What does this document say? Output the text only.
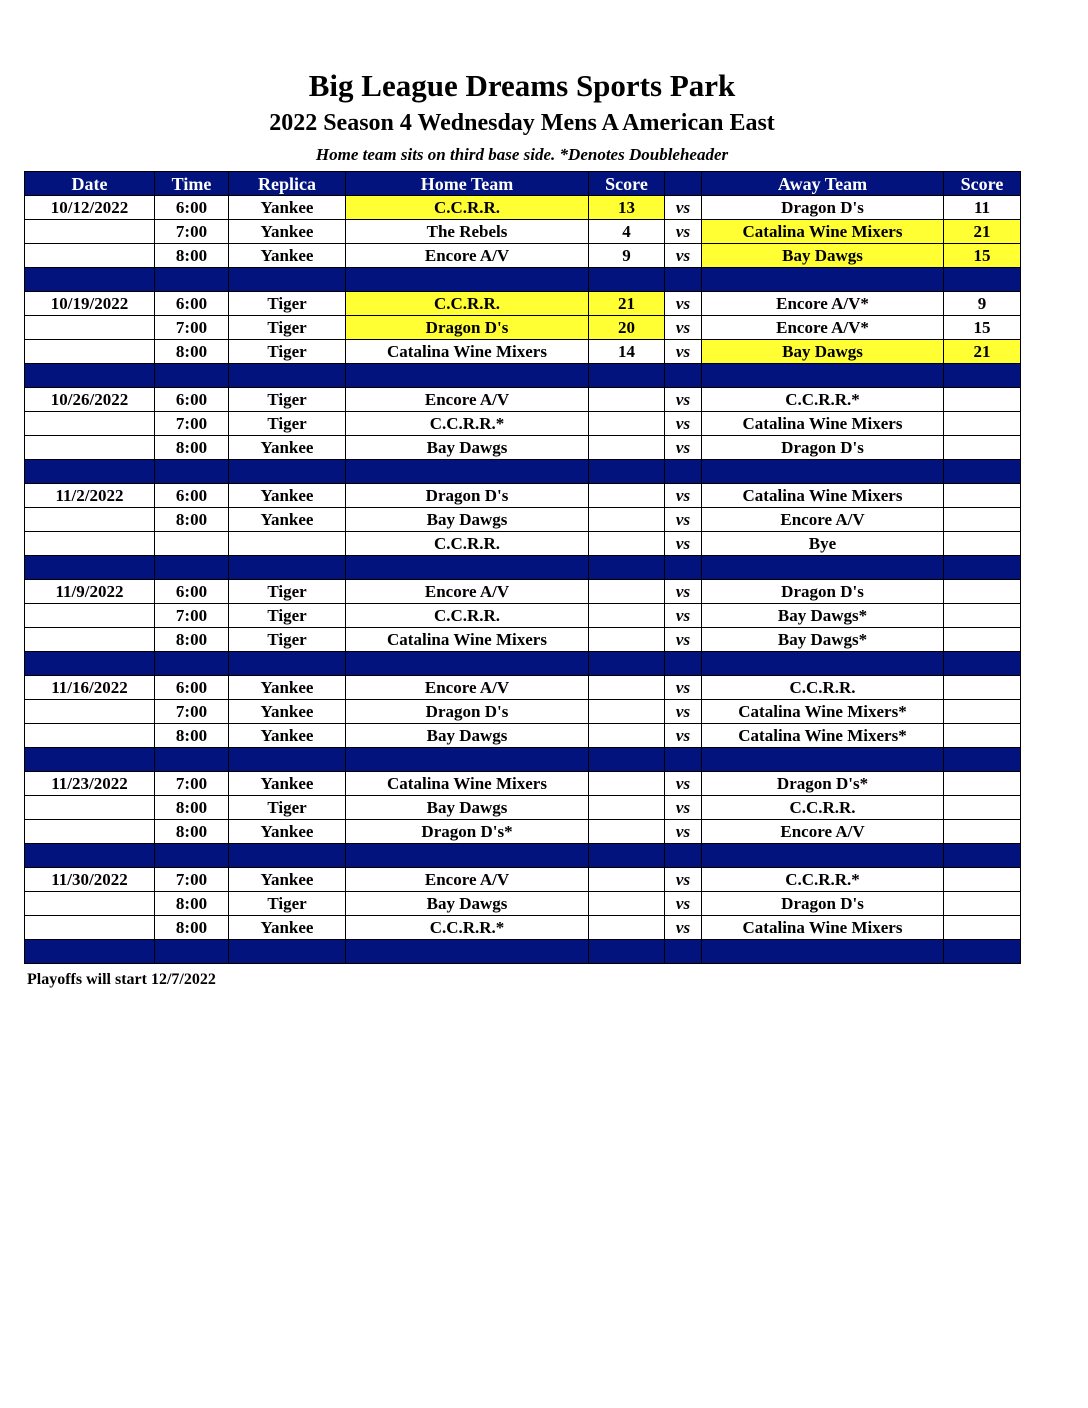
Big League Dreams Sports Park
2022 Season 4 Wednesday Mens A American East
Home team sits on third base side. *Denotes Doubleheader
Date	Time	Replica	Home Team	Score		Away Team	Score
10/12/2022	6:00	Yankee	C.C.R.R.	13	vs	Dragon D's	11
	7:00	Yankee	The Rebels	4	vs	Catalina Wine Mixers	21
	8:00	Yankee	Encore A/V	9	vs	Bay Dawgs	15

10/19/2022	6:00	Tiger	C.C.R.R.	21	vs	Encore A/V*	9
	7:00	Tiger	Dragon D's	20	vs	Encore A/V*	15
	8:00	Tiger	Catalina Wine Mixers	14	vs	Bay Dawgs	21

10/26/2022	6:00	Tiger	Encore A/V		vs	C.C.R.R.*	
	7:00	Tiger	C.C.R.R.*		vs	Catalina Wine Mixers	
	8:00	Yankee	Bay Dawgs		vs	Dragon D's	

11/2/2022	6:00	Yankee	Dragon D's		vs	Catalina Wine Mixers	
	8:00	Yankee	Bay Dawgs		vs	Encore A/V	
			C.C.R.R.		vs	Bye	

11/9/2022	6:00	Tiger	Encore A/V		vs	Dragon D's	
	7:00	Tiger	C.C.R.R.		vs	Bay Dawgs*	
	8:00	Tiger	Catalina Wine Mixers		vs	Bay Dawgs*	

11/16/2022	6:00	Yankee	Encore A/V		vs	C.C.R.R.	
	7:00	Yankee	Dragon D's		vs	Catalina Wine Mixers*	
	8:00	Yankee	Bay Dawgs		vs	Catalina Wine Mixers*	

11/23/2022	7:00	Yankee	Catalina Wine Mixers		vs	Dragon D's*	
	8:00	Tiger	Bay Dawgs		vs	C.C.R.R.	
	8:00	Yankee	Dragon D's*		vs	Encore A/V	

11/30/2022	7:00	Yankee	Encore A/V		vs	C.C.R.R.*	
	8:00	Tiger	Bay Dawgs		vs	Dragon D's	
	8:00	Yankee	C.C.R.R.*		vs	Catalina Wine Mixers	

Playoffs will start 12/7/2022
